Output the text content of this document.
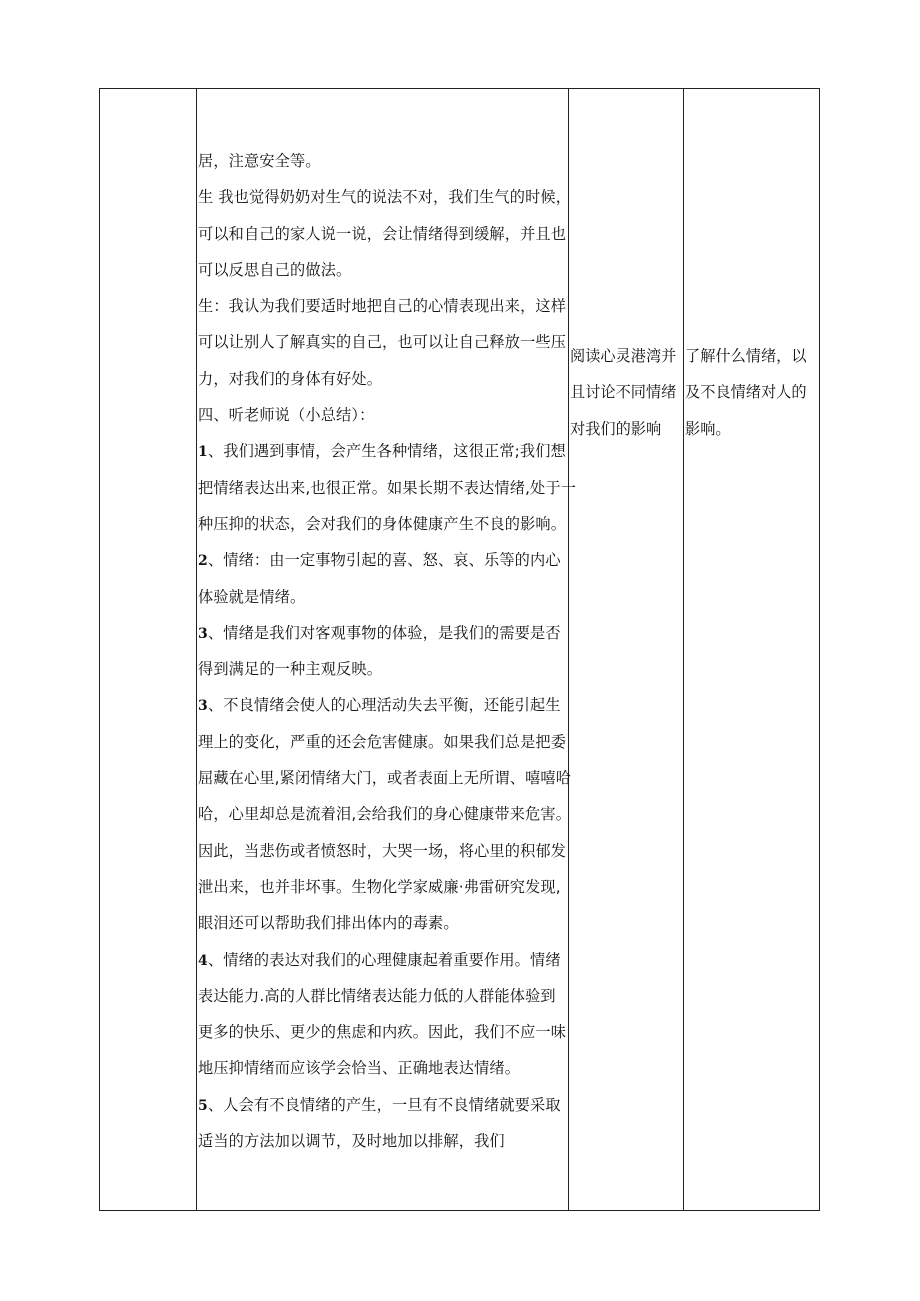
居，注意安全等。
生 我也觉得奶奶对生气的说法不对，我们生气的时候，
可以和自己的家人说一说，会让情绪得到缓解，并且也
可以反思自己的做法。
生：我认为我们要适时地把自己的心情表现出来，这样
可以让别人了解真实的自己，也可以让自己释放一些压
力，对我们的身体有好处。
四、听老师说（小总结）：
1、我们遇到事情，会产生各种情绪，这很正常;我们想
把情绪表达出来,也很正常。如果长期不表达情绪,处于一
种压抑的状态，会对我们的身体健康产生不良的影响。
2、情绪：由一定事物引起的喜、怒、哀、乐等的内心
体验就是情绪。
3、情绪是我们对客观事物的体验，是我们的需要是否
得到满足的一种主观反映。
3、不良情绪会使人的心理活动失去平衡，还能引起生
理上的变化，严重的还会危害健康。如果我们总是把委
屈藏在心里,紧闭情绪大门，或者表面上无所谓、嘻嘻哈
哈，心里却总是流着泪,会给我们的身心健康带来危害。
因此，当悲伤或者愤怒时，大哭一场，将心里的积郁发
泄出来，也并非坏事。生物化学家威廉·弗雷研究发现,
眼泪还可以帮助我们排出体内的毒素。
4、情绪的表达对我们的心理健康起着重要作用。情绪
表达能力.高的人群比情绪表达能力低的人群能体验到
更多的快乐、更少的焦虑和内疚。因此，我们不应一味
地压抑情绪而应该学会恰当、正确地表达情绪。
5、人会有不良情绪的产生，一旦有不良情绪就要采取
适当的方法加以调节，及时地加以排解，我们
阅读心灵港湾并
且讨论不同情绪
对我们的影响
了解什么情绪，以
及不良情绪对人的
影响。
